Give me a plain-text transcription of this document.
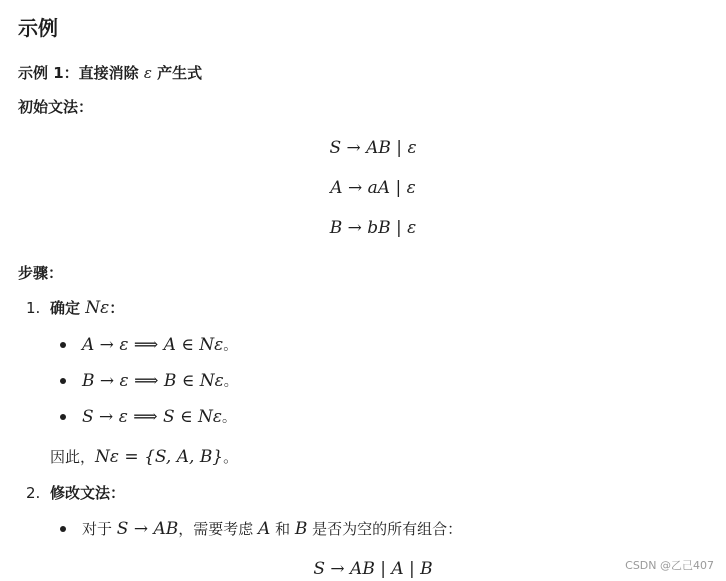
示例
示例 1：直接消除 ε 产生式
初始文法：
S → AB | ε
A → aA | ε
B → bB | ε
步骤：
1. 确定 Nε：
A → ε ⟹ A ∈ Nε。
B → ε ⟹ B ∈ Nε。
S → ε ⟹ S ∈ Nε。
因此，Nε = {S, A, B}。
2. 修改文法：
对于 S → AB，需要考虑 A 和 B 是否为空的所有组合：
S → AB | A | B	CSDN @乙己407
